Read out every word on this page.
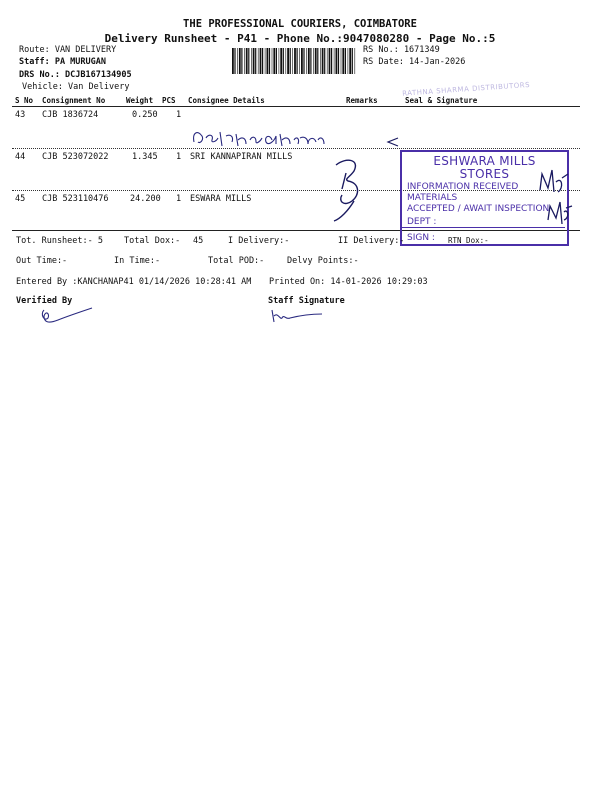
THE PROFESSIONAL COURIERS, COIMBATORE
Delivery Runsheet - P41 - Phone No.:9047080280 - Page No.:5
Route: VAN DELIVERY
Staff: PA MURUGAN
DRS No.: DCJB167134905
Vehicle: Van Delivery
RS No.: 1671349
RS Date: 14-Jan-2026
RATHNA SHARMA DISTRIBUTORS
S No Consignment No	Weight PCS Consignee Details	Remarks	Seal & Signature
43 CJB 1836724	0.250 1
44 CJB 523072022	1.345 1 SRI KANNAPIRAN MILLS
45 CJB 523110476	24.200 1 ESWARA MILLS
ESHWARA MILLS
STORES
INFORMATION RECEIVED
MATERIALS
ACCEPTED / AWAIT INSPECTION
DEPT :
SIGN :
Tot. Runsheet:- 5 Total Dox:- 45	I Delivery:-	II Delivery:-	RTN Dox:-
Out Time:-	In Time:-	Total POD:-	Delvy Points:-
Entered By :KANCHANAP41 01/14/2026 10:28:41 AM Printed On: 14-01-2026 10:29:03
Verified By	Staff Signature
